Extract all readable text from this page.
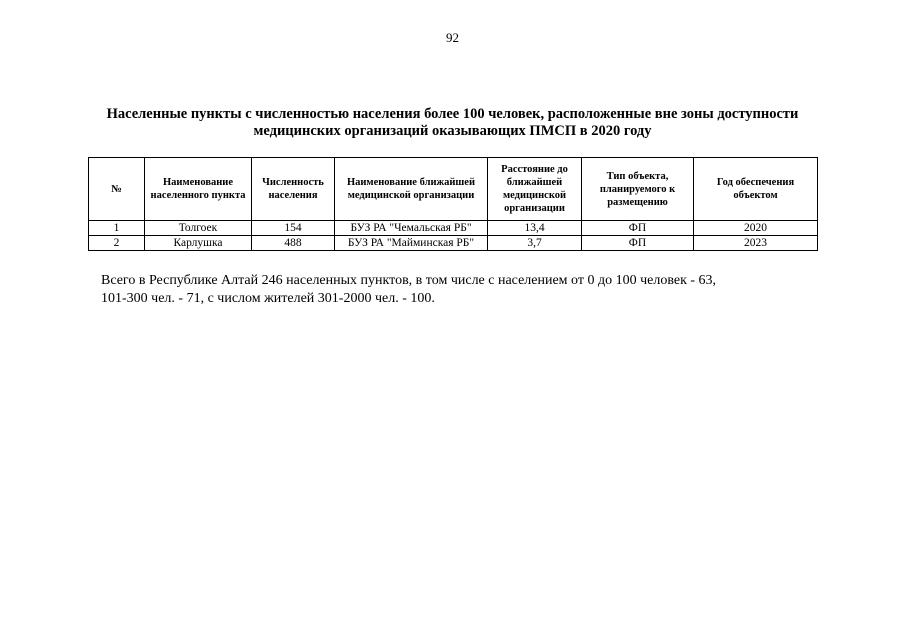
92
Населенные пункты с численностью населения более 100 человек, расположенные вне зоны доступности
медицинских организаций оказывающих ПМСП в 2020 году
№	Наименование населенного пункта	Численность населения	Наименование ближайшей медицинской организации	Расстояние до ближайшей медицинской организации	Тип объекта, планируемого к размещению	Год обеспечения объектом
1	Толгоек	154	БУЗ РА "Чемальская РБ"	13,4	ФП	2020
2	Карлушка	488	БУЗ РА "Майминская РБ"	3,7	ФП	2023
Всего в Республике Алтай 246 населенных пунктов, в том числе с населением от 0 до 100 человек - 63,
101-300 чел. - 71, с числом жителей 301-2000 чел. - 100.
